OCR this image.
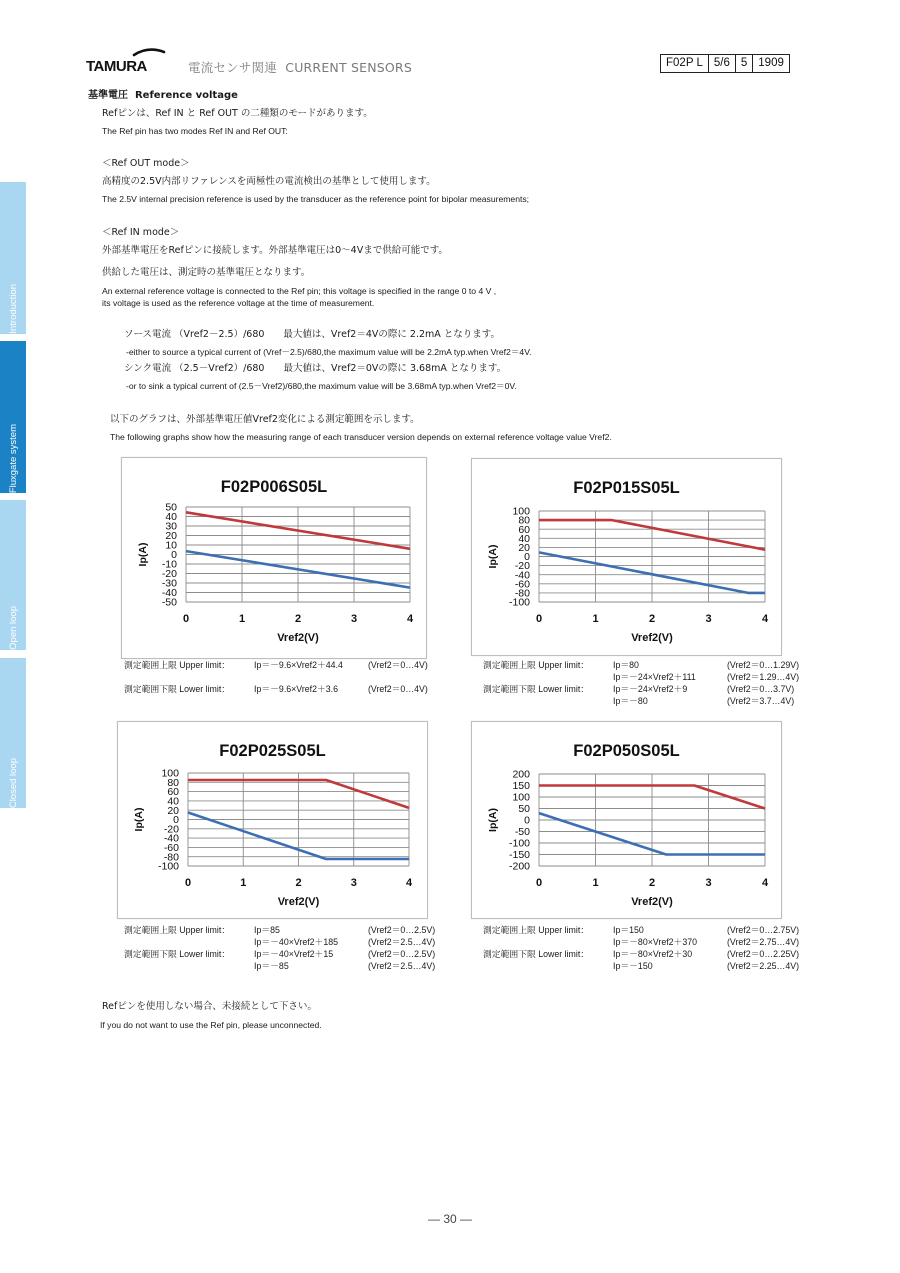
TAMURA	電流センサ関連 CURRENT SENSORS	F02P L 5/6 5 1909
Introduction
Fluxgate system
Open loop
Closed loop
基準電圧 Reference voltage
Refピンは、Ref IN と Ref OUT の二種類のモードがあります。
The Ref pin has two modes Ref IN and Ref OUT:
＜Ref OUT mode＞
高精度の2.5V内部リファレンスを両極性の電流検出の基準として使用します。
The 2.5V internal precision reference is used by the transducer as the reference point for bipolar measurements;
＜Ref IN mode＞
外部基準電圧をRefピンに接続します。外部基準電圧は0～4Vまで供給可能です。
供給した電圧は、測定時の基準電圧となります。
An external reference voltage is connected to the Ref pin; this voltage is specified in the range 0 to 4 V ,
its voltage is used as the reference voltage at the time of measurement.
ソース電流 （Vref2－2.5）/680　　最大値は、Vref2＝4Vの際に 2.2mA となります。
-either to source a typical current of (Vref－2.5)/680,the maximum value will be 2.2mA typ.when Vref2＝4V.
シンク電流 （2.5－Vref2）/680　　最大値は、Vref2＝0Vの際に 3.68mA となります。
-or to sink a typical current of (2.5－Vref2)/680,the maximum value will be 3.68mA typ.when Vref2＝0V.
以下のグラフは、外部基準電圧値Vref2変化による測定範囲を示します。
The following graphs show how the measuring range of each transducer version depends on external reference voltage value Vref2.
F02P006S05L
50
40
30
20
10
0
-10
-20
-30
-40
-50
0	1	2	3	4
Vref2(V)
Ip(A)
F02P015S05L
100
80
60
40
20
0
-20
-40
-60
-80
-100
0	1	2	3	4
Vref2(V)
Ip(A)
F02P025S05L
100
80
60
40
20
0
-20
-40
-60
-80
-100
0	1	2	3	4
Vref2(V)
Ip(A)
F02P050S05L
200
150
100
50
0
-50
-100
-150
-200
0	1	2	3	4
Vref2(V)
Ip(A)
測定範囲上限 Upper limit：	Ip＝－9.6×Vref2＋44.4	(Vref2＝0…4V)
測定範囲下限 Lower limit：	Ip＝－9.6×Vref2＋3.6	(Vref2＝0…4V)
測定範囲上限 Upper limit：	Ip＝80	(Vref2＝0…1.29V)
Ip＝－24×Vref2＋111	(Vref2＝1.29…4V)
測定範囲下限 Lower limit：	Ip＝－24×Vref2＋9	(Vref2＝0…3.7V)
Ip＝－80	(Vref2＝3.7…4V)
測定範囲上限 Upper limit：	Ip＝85	(Vref2＝0…2.5V)
Ip＝－40×Vref2＋185	(Vref2＝2.5…4V)
測定範囲下限 Lower limit：	Ip＝－40×Vref2＋15	(Vref2＝0…2.5V)
Ip＝－85	(Vref2＝2.5…4V)
測定範囲上限 Upper limit：	Ip＝150	(Vref2＝0…2.75V)
Ip＝－80×Vref2＋370	(Vref2＝2.75…4V)
測定範囲下限 Lower limit：	Ip＝－80×Vref2＋30	(Vref2＝0…2.25V)
Ip＝－150	(Vref2＝2.25…4V)
Refピンを使用しない場合、未接続として下さい。
If you do not want to use the Ref pin, please unconnected.
― 30 ―
